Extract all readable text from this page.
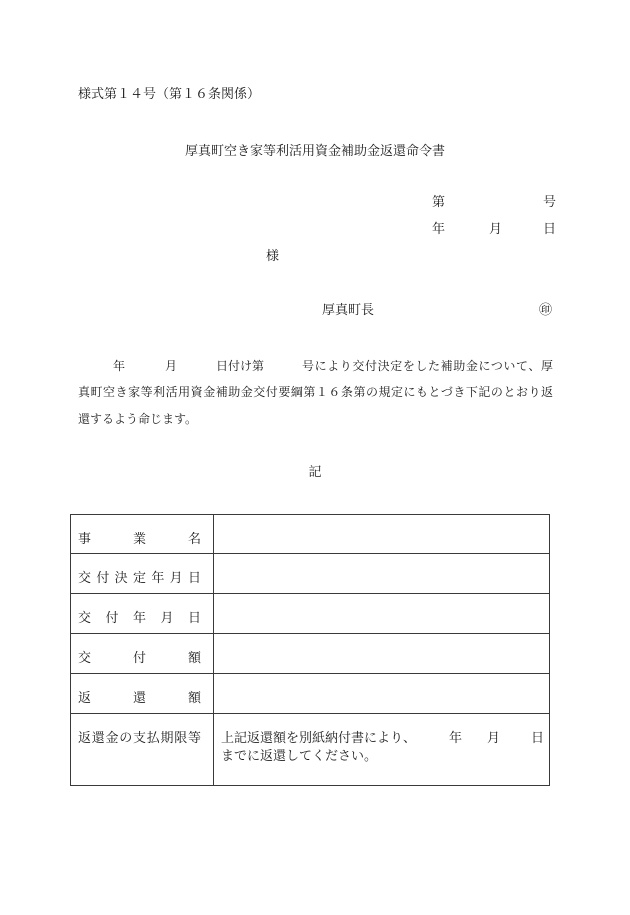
様式第１４号（第１６条関係）
厚真町空き家等利活用資金補助金返還命令書
第	号
年	月	日
様
厚真町長	㊞
年	月	日付け第	号により交付決定をした補助金について、厚
真町空き家等利活用資金補助金交付要綱第１６条第の規定にもとづき下記のとおり返
還するよう命じます。
記
事業名
交付決定年月日
交付年月日
交付額
返還額
返還金の支払期限等 上記返還額を別紙納付書により、	年 月 日
までに返還してください。
